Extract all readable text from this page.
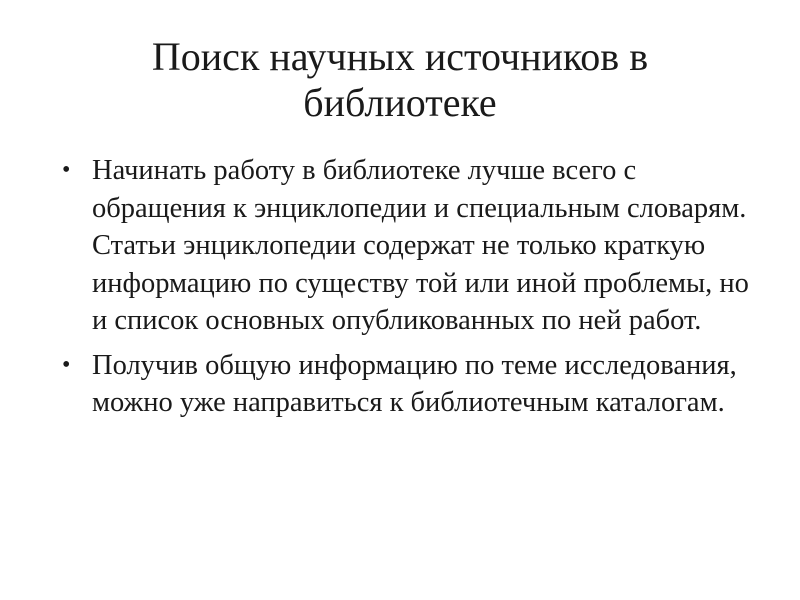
Поиск научных источников в библиотеке
• Начинать работу в библиотеке лучше всего с обращения к энциклопедии и специальным словарям. Статьи энциклопедии содержат не только краткую информацию по существу той или иной проблемы, но и список основных опубликованных по ней работ.
• Получив общую информацию по теме исследования, можно уже направиться к библиотечным каталогам.
